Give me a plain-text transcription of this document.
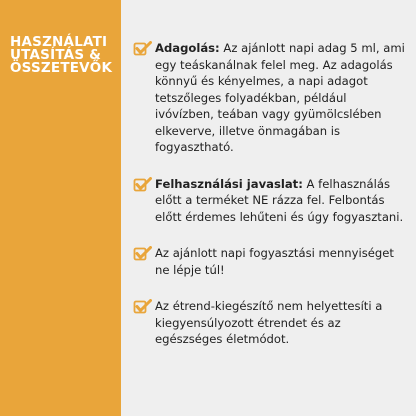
HASZNÁLATI
UTASÍTÁS &
ÖSSZETEVŐK
Adagolás: Az ajánlott napi adag 5 ml, ami egy teáskanálnak felel meg. Az adagolás könnyű és kényelmes, a napi adagot tetszőleges folyadékban, például ivóvízben, teában vagy gyümölcslében elkeverve, illetve önmagában is fogyasztható.
Felhasználási javaslat: A felhasználás előtt a terméket NE rázza fel. Felbontás előtt érdemes lehűteni és úgy fogyasztani.
Az ajánlott napi fogyasztási mennyiséget ne lépje túl!
Az étrend-kiegészítő nem helyettesíti a kiegyensúlyozott étrendet és az egészséges életmódot.
